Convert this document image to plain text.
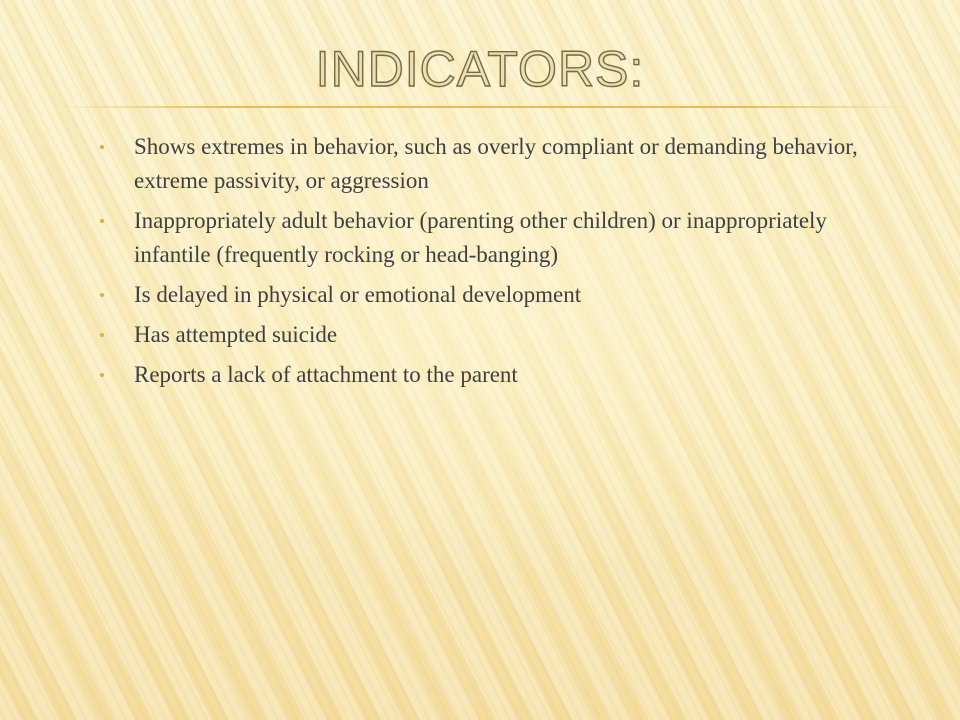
INDICATORS:
Shows extremes in behavior, such as overly compliant or demanding behavior, extreme passivity, or aggression
Inappropriately adult behavior (parenting other children) or inappropriately infantile (frequently rocking or head-banging)
Is delayed in physical or emotional development
Has attempted suicide
Reports a lack of attachment to the parent
